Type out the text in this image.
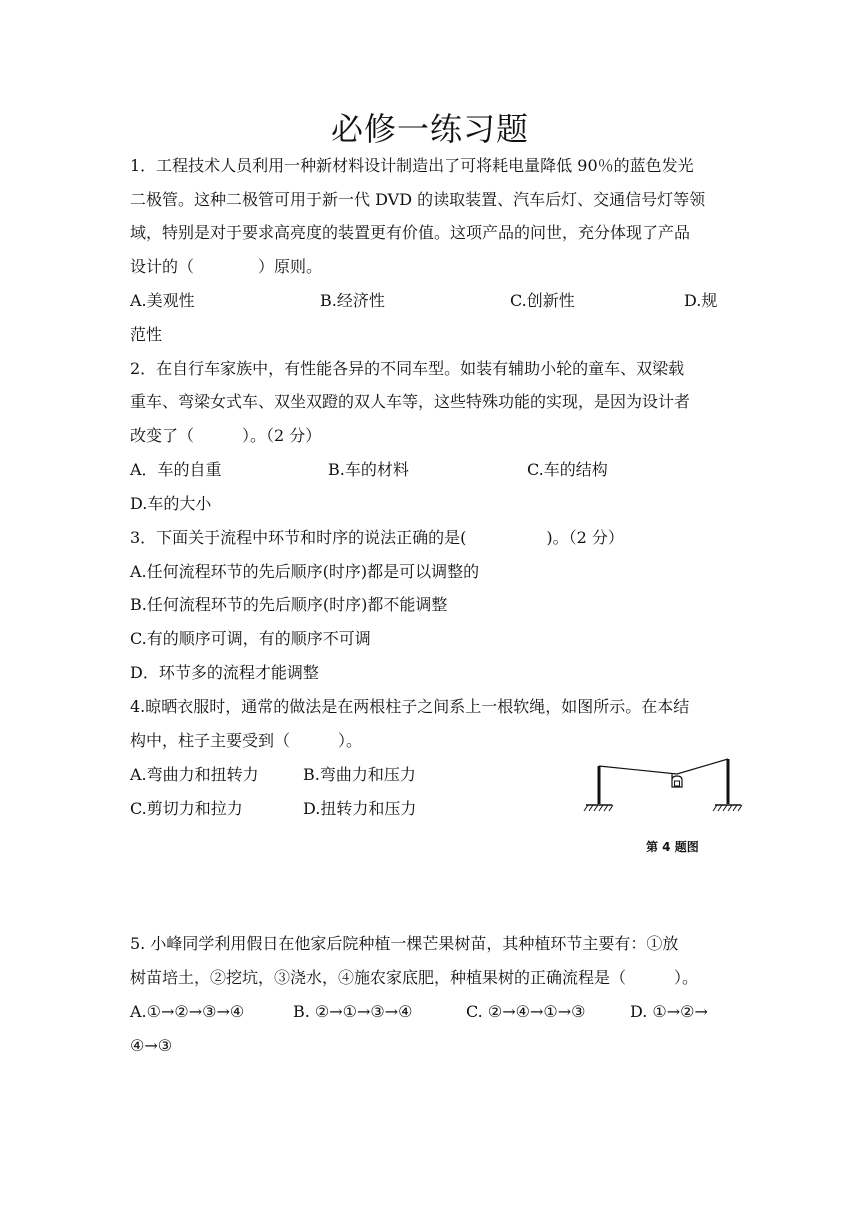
必修一练习题
1．工程技术人员利用一种新材料设计制造出了可将耗电量降低 90％的蓝色发光
二极管。这种二极管可用于新一代 DVD 的读取装置、汽车后灯、交通信号灯等领
域，特别是对于要求高亮度的装置更有价值。这项产品的问世，充分体现了产品
设计的（　　　　）原则。
A.美观性	B.经济性	C.创新性	D.规
范性
2．在自行车家族中，有性能各异的不同车型。如装有辅助小轮的童车、双梁载
重车、弯梁女式车、双坐双蹬的双人车等，这些特殊功能的实现，是因为设计者
改变了（　　　）。（2 分）
A．车的自重	B.车的材料	C.车的结构
D.车的大小
3．下面关于流程中环节和时序的说法正确的是(　　　　　)。（2 分）
A.任何流程环节的先后顺序(时序)都是可以调整的
B.任何流程环节的先后顺序(时序)都不能调整
C.有的顺序可调，有的顺序不可调
D．环节多的流程才能调整
4.晾晒衣服时，通常的做法是在两根柱子之间系上一根软绳，如图所示。在本结
构中，柱子主要受到（　　　）。
A.弯曲力和扭转力	B.弯曲力和压力
C.剪切力和拉力	D.扭转力和压力
第 4 题图
5. 小峰同学利用假日在他家后院种植一棵芒果树苗，其种植环节主要有：①放
树苗培土，②挖坑，③浇水，④施农家底肥，种植果树的正确流程是（　　　）。
A.①→②→③→④	B. ②→①→③→④	C. ②→④→①→③	D. ①→②→
④→③
